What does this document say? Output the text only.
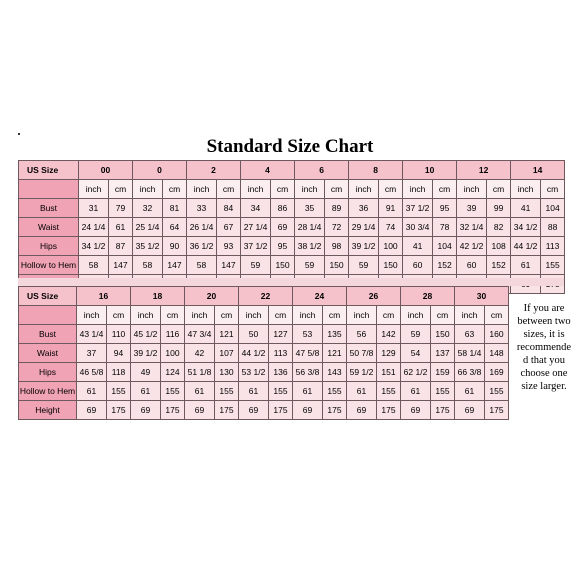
Standard Size Chart
US Size	00		0		2		4		6		8		10		12		14	
	inch	cm	inch	cm	inch	cm	inch	cm	inch	cm	inch	cm	inch	cm	inch	cm	inch	cm
Bust	31	79	32	81	33	84	34	86	35	89	36	91	37 1/2	95	39	99	41	104
Waist	24 1/4	61	25 1/4	64	26 1/4	67	27 1/4	69	28 1/4	72	29 1/4	74	30 3/4	78	32 1/4	82	34 1/2	88
Hips	34 1/2	87	35 1/2	90	36 1/2	93	37 1/2	95	38 1/2	98	39 1/2	100	41	104	42 1/2	108	44 1/2	113
Hollow to Hem	58	147	58	147	58	147	59	150	59	150	59	150	60	152	60	152	61	155

US Size	16		18		20		22		24		26		28		30	
	inch	cm	inch	cm	inch	cm	inch	cm	inch	cm	inch	cm	inch	cm	inch	cm
Bust	43 1/4	110	45 1/2	116	47 3/4	121	50	127	53	135	56	142	59	150	63	160
Waist	37	94	39 1/2	100	42	107	44 1/2	113	47 5/8	121	50 7/8	129	54	137	58 1/4	148
Hips	46 5/8	118	49	124	51 1/8	130	53 1/2	136	56 3/8	143	59 1/2	151	62 1/2	159	66 3/8	169
Hollow to Hem	61	155	61	155	61	155	61	155	61	155	61	155	61	155	61	155
Height	69	175	69	175	69	175	69	175	69	175	69	175	69	175	69	175
If you are
between two
sizes, it is
recommende
d that you
choose one
size larger.
